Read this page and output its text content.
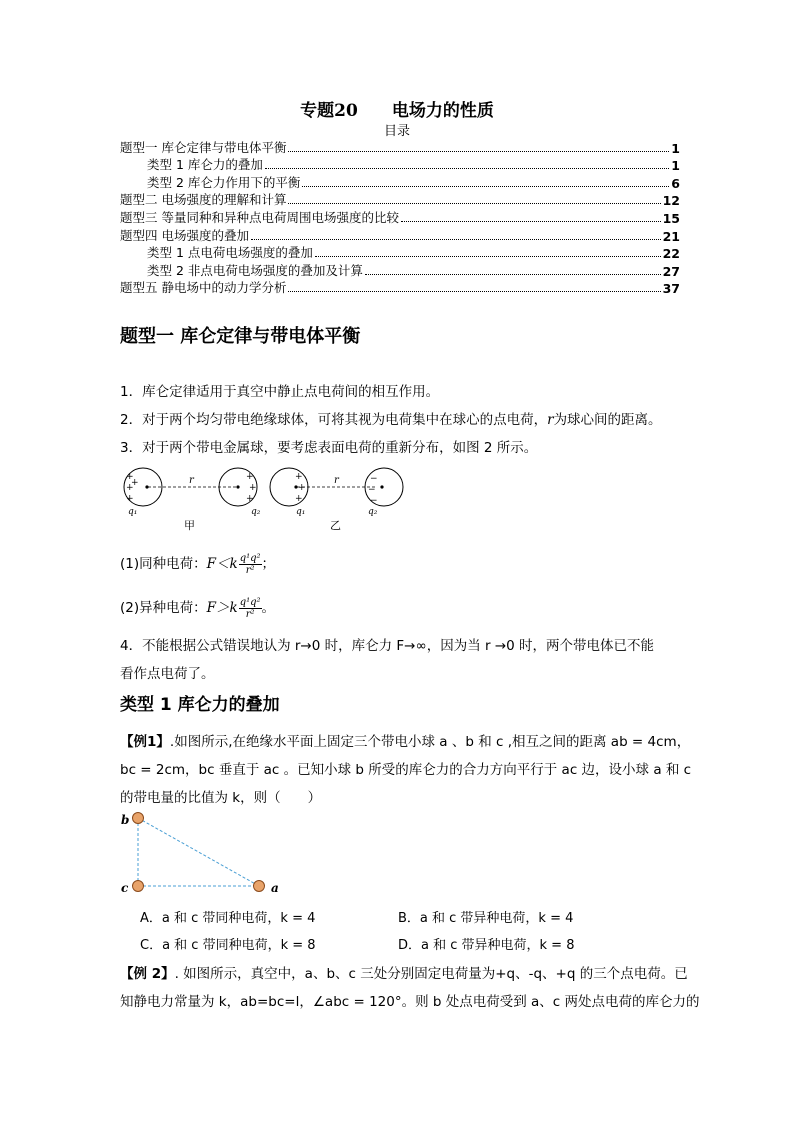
专题20　　电场力的性质
目录
题型一 库仑定律与带电体平衡	1
类型 1 库仑力的叠加	1
类型 2 库仑力作用下的平衡	6
题型二 电场强度的理解和计算	12
题型三 等量同种和异种点电荷周围电场强度的比较	15
题型四 电场强度的叠加	21
类型 1 点电荷电场强度的叠加	22
类型 2 非点电荷电场强度的叠加及计算	27
题型五 静电场中的动力学分析	37
题型一 库仑定律与带电体平衡
1．库仑定律适用于真空中静止点电荷间的相互作用。
2．对于两个均匀带电绝缘球体，可将其视为电荷集中在球心的点电荷，r为球心间的距离。
3．对于两个带电金属球，要考虑表面电荷的重新分布，如图 2 所示。
+
+
+
+	r	+
+
+
q₁	q₂
甲
+
+
+
r	−
−
−
q₁	q₂
乙
(1)同种电荷：$F<k \frac{\text{q¹q²}}{\text{r²}}$ ；
(2)异种电荷：$F>k \frac{\text{q¹q²}}{\text{r²}}$ 。
4．不能根据公式错误地认为 r→0 时，库仑力 F→∞，因为当 r →0 时，两个带电体已不能
看作点电荷了。
类型 1 库仑力的叠加
【例1】.如图所示,在绝缘水平面上固定三个带电小球 a 、b 和 c ,相互之间的距离 ab = 4cm，
bc = 2cm，bc 垂直于 ac 。已知小球 b 所受的库仑力的合力方向平行于 ac 边，设小球 a 和 c
的带电量的比值为 k，则（　　）
b
c	a
A．a 和 c 带同种电荷，k = 4	B．a 和 c 带异种电荷，k = 4
C．a 和 c 带同种电荷，k = 8	D．a 和 c 带异种电荷，k = 8
【例 2】. 如图所示，真空中，a、b、c 三处分别固定电荷量为+q、-q、+q 的三个点电荷。已
知静电力常量为 k，ab=bc=l，∠abc = 120°。则 b 处点电荷受到 a、c 两处点电荷的库仑力的
